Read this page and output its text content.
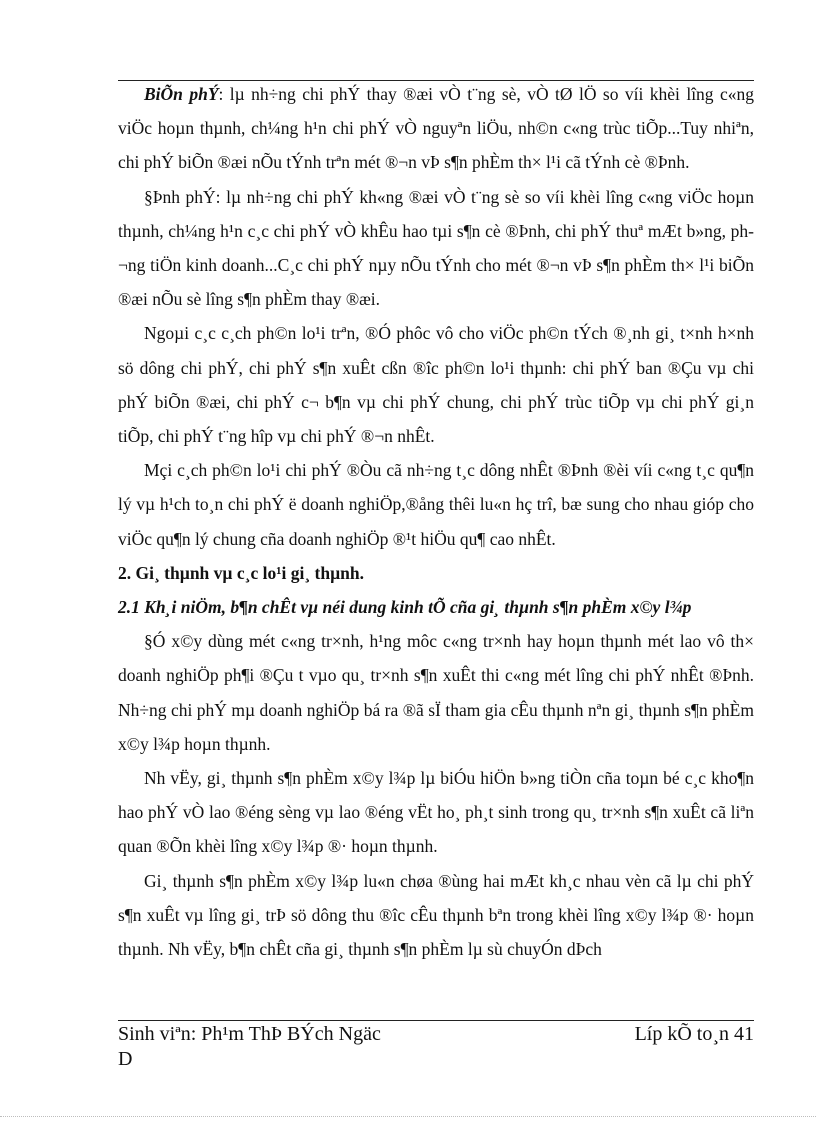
BiÕn phÝ: lµ nh÷ng chi phÝ thay ®æi vÒ t¨ng sè, vÒ tØ lÖ so víi khèi lîng c«ng viÖc hoµn thµnh, ch¼ng h¹n chi phÝ vÒ nguyªn liÖu, nh©n c«ng trùc tiÕp...Tuy nhiªn, chi phÝ biÕn ®æi nÕu tÝnh trªn mét ®¬n vÞ s¶n phÈm th× l¹i cã tÝnh cè ®Þnh.

§Þnh phÝ: lµ nh÷ng chi phÝ kh«ng ®æi vÒ t¨ng sè so víi khèi lîng c«ng viÖc hoµn thµnh, ch¼ng h¹n c¸c chi phÝ vÒ khÊu hao tµi s¶n cè ®Þnh, chi phÝ thuª mÆt b»ng, ph¬ng tiÖn kinh doanh...C¸c chi phÝ nµy nÕu tÝnh cho mét ®¬n vÞ s¶n phÈm th× l¹i biÕn ®æi nÕu sè lîng s¶n phÈm thay ®æi.

Ngoµi c¸c c¸ch ph©n lo¹i trªn, ®Ó phôc vô cho viÖc ph©n tÝch ®¸nh gi¸ t×nh h×nh sö dông chi phÝ, chi phÝ s¶n xuÊt cßn ®îc ph©n lo¹i thµnh: chi phÝ ban ®Çu vµ chi phÝ biÕn ®æi, chi phÝ c¬ b¶n vµ chi phÝ chung, chi phÝ trùc tiÕp vµ chi phÝ gi¸n tiÕp, chi phÝ t¨ng hîp vµ chi phÝ ®¬n nhÊt.

Mçi c¸ch ph©n lo¹i chi phÝ ®Òu cã nh÷ng t¸c dông nhÊt ®Þnh ®èi víi c«ng t¸c qu¶n lý vµ h¹ch to¸n chi phÝ ë doanh nghiÖp,®ång thêi lu«n hç trî, bæ sung cho nhau gióp cho viÖc qu¶n lý chung cña doanh nghiÖp ®¹t hiÖu qu¶ cao nhÊt.

2. Gi¸ thµnh vµ c¸c lo¹i gi¸ thµnh.
2.1 Kh¸i niÖm, b¶n chÊt vµ néi dung kinh tÕ cña gi¸ thµnh s¶n phÈm x©y l¾p

§Ó x©y dùng mét c«ng tr×nh, h¹ng môc c«ng tr×nh hay hoµn thµnh mét lao vô th× doanh nghiÖp ph¶i ®Çu t vµo qu¸ tr×nh s¶n xuÊt thi c«ng mét lîng chi phÝ nhÊt ®Þnh. Nh÷ng chi phÝ mµ doanh nghiÖp bá ra ®ã sÏ tham gia cÊu thµnh nªn gi¸ thµnh s¶n phÈm x©y l¾p hoµn thµnh.

Nh vËy, gi¸ thµnh s¶n phÈm x©y l¾p lµ biÓu hiÖn b»ng tiÒn cña toµn bé c¸c kho¶n hao phÝ vÒ lao ®éng sèng vµ lao ®éng vËt ho¸ ph¸t sinh trong qu¸ tr×nh s¶n xuÊt cã liªn quan ®Õn khèi lîng x©y l¾p ®· hoµn thµnh.

Gi¸ thµnh s¶n phÈm x©y l¾p lu«n chøa ®ùng hai mÆt kh¸c nhau vèn cã lµ chi phÝ s¶n xuÊt vµ lîng gi¸ trÞ sö dông thu ®îc cÊu thµnh bªn trong khèi lîng x©y l¾p ®· hoµn thµnh. Nh vËy, b¶n chÊt cña gi¸ thµnh s¶n phÈm lµ sù chuyÓn dÞch

Sinh viªn: Ph¹m ThÞ BÝch Ngäc	Líp kÕ to¸n 41
D
